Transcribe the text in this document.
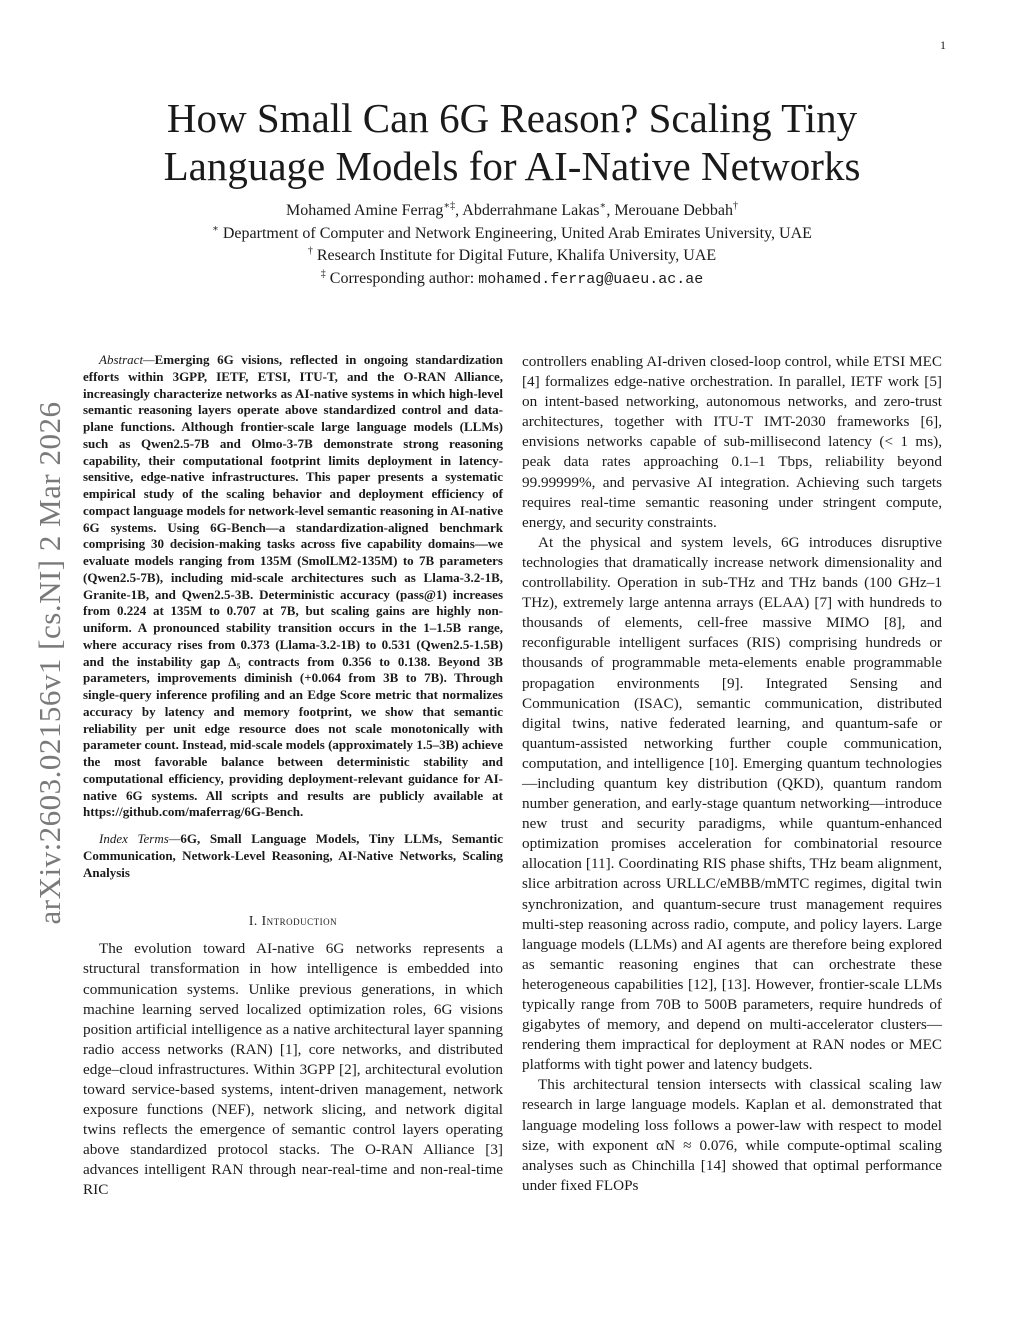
1
arXiv:2603.02156v1 [cs.NI] 2 Mar 2026
How Small Can 6G Reason? Scaling Tiny
Language Models for AI-Native Networks
Mohamed Amine Ferrag∗‡, Abderrahmane Lakas∗, Merouane Debbah†
∗ Department of Computer and Network Engineering, United Arab Emirates University, UAE
† Research Institute for Digital Future, Khalifa University, UAE
‡ Corresponding author: mohamed.ferrag@uaeu.ac.ae

Abstract—Emerging 6G visions, reflected in ongoing standardization efforts within 3GPP, IETF, ETSI, ITU-T, and the O-RAN Alliance, increasingly characterize networks as AI-native systems in which high-level semantic reasoning layers operate above standardized control and data-plane functions. Although frontier-scale large language models (LLMs) such as Qwen2.5-7B and Olmo-3-7B demonstrate strong reasoning capability, their computational footprint limits deployment in latency-sensitive, edge-native infrastructures. This paper presents a systematic empirical study of the scaling behavior and deployment efficiency of compact language models for network-level semantic reasoning in AI-native 6G systems. Using 6G-Bench—a standardization-aligned benchmark comprising 30 decision-making tasks across five capability domains—we evaluate models ranging from 135M (SmolLM2-135M) to 7B parameters (Qwen2.5-7B), including mid-scale architectures such as Llama-3.2-1B, Granite-1B, and Qwen2.5-3B. Deterministic accuracy (pass@1) increases from 0.224 at 135M to 0.707 at 7B, but scaling gains are highly non-uniform. A pronounced stability transition occurs in the 1–1.5B range, where accuracy rises from 0.373 (Llama-3.2-1B) to 0.531 (Qwen2.5-1.5B) and the instability gap Δ₅ contracts from 0.356 to 0.138. Beyond 3B parameters, improvements diminish (+0.064 from 3B to 7B). Through single-query inference profiling and an Edge Score metric that normalizes accuracy by latency and memory footprint, we show that semantic reliability per unit edge resource does not scale monotonically with parameter count. Instead, mid-scale models (approximately 1.5–3B) achieve the most favorable balance between deterministic stability and computational efficiency, providing deployment-relevant guidance for AI-native 6G systems. All scripts and results are publicly available at https://github.com/maferrag/6G-Bench.

Index Terms—6G, Small Language Models, Tiny LLMs, Semantic Communication, Network-Level Reasoning, AI-Native Networks, Scaling Analysis

I. Introduction

The evolution toward AI-native 6G networks represents a structural transformation in how intelligence is embedded into communication systems. Unlike previous generations, in which machine learning served localized optimization roles, 6G visions position artificial intelligence as a native architectural layer spanning radio access networks (RAN) [1], core networks, and distributed edge–cloud infrastructures. Within 3GPP [2], architectural evolution toward service-based systems, intent-driven management, network exposure functions (NEF), network slicing, and network digital twins reflects the emergence of semantic control layers operating above standardized protocol stacks. The O-RAN Alliance [3] advances intelligent RAN through near-real-time and non-real-time RIC

controllers enabling AI-driven closed-loop control, while ETSI MEC [4] formalizes edge-native orchestration. In parallel, IETF work [5] on intent-based networking, autonomous networks, and zero-trust architectures, together with ITU-T IMT-2030 frameworks [6], envisions networks capable of sub-millisecond latency (< 1 ms), peak data rates approaching 0.1–1 Tbps, reliability beyond 99.99999%, and pervasive AI integration. Achieving such targets requires real-time semantic reasoning under stringent compute, energy, and security constraints.

At the physical and system levels, 6G introduces disruptive technologies that dramatically increase network dimensionality and controllability. Operation in sub-THz and THz bands (100 GHz–1 THz), extremely large antenna arrays (ELAA) [7] with hundreds to thousands of elements, cell-free massive MIMO [8], and reconfigurable intelligent surfaces (RIS) comprising hundreds or thousands of programmable meta-elements enable programmable propagation environments [9]. Integrated Sensing and Communication (ISAC), semantic communication, distributed digital twins, native federated learning, and quantum-safe or quantum-assisted networking further couple communication, computation, and intelligence [10]. Emerging quantum technologies—including quantum key distribution (QKD), quantum random number generation, and early-stage quantum networking—introduce new trust and security paradigms, while quantum-enhanced optimization promises acceleration for combinatorial resource allocation [11]. Coordinating RIS phase shifts, THz beam alignment, slice arbitration across URLLC/eMBB/mMTC regimes, digital twin synchronization, and quantum-secure trust management requires multi-step reasoning across radio, compute, and policy layers. Large language models (LLMs) and AI agents are therefore being explored as semantic reasoning engines that can orchestrate these heterogeneous capabilities [12], [13]. However, frontier-scale LLMs typically range from 70B to 500B parameters, require hundreds of gigabytes of memory, and depend on multi-accelerator clusters—rendering them impractical for deployment at RAN nodes or MEC platforms with tight power and latency budgets.

This architectural tension intersects with classical scaling law research in large language models. Kaplan et al. demonstrated that language modeling loss follows a power-law with respect to model size, with exponent αN ≈ 0.076, while compute-optimal scaling analyses such as Chinchilla [14] showed that optimal performance under fixed FLOPs
